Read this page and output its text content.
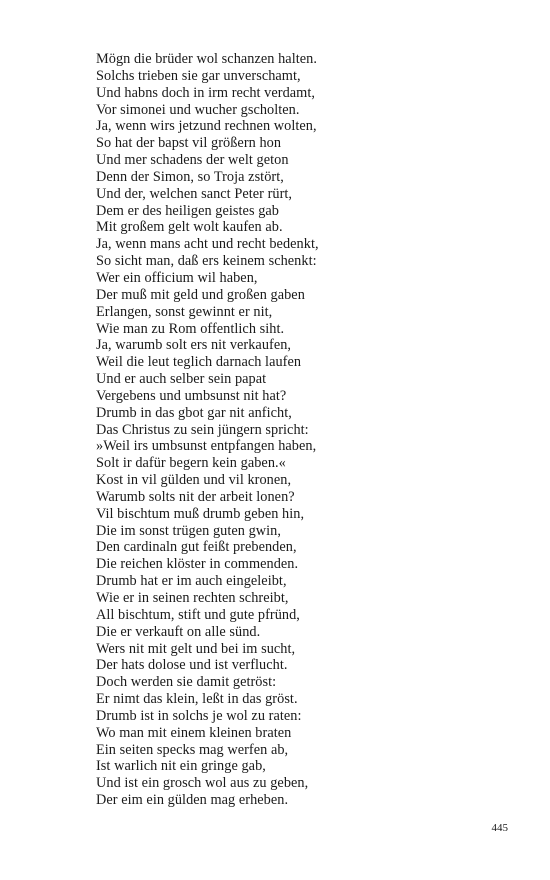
Mögn die brüder wol schanzen halten.
Solchs trieben sie gar unverschamt,
Und habns doch in irm recht verdamt,
Vor simonei und wucher gscholten.
Ja, wenn wirs jetzund rechnen wolten,
So hat der bapst vil größern hon
Und mer schadens der welt geton
Denn der Simon, so Troja zstört,
Und der, welchen sanct Peter rürt,
Dem er des heiligen geistes gab
Mit großem gelt wolt kaufen ab.
Ja, wenn mans acht und recht bedenkt,
So sicht man, daß ers keinem schenkt:
Wer ein officium wil haben,
Der muß mit geld und großen gaben
Erlangen, sonst gewinnt er nit,
Wie man zu Rom offentlich siht.
Ja, warumb solt ers nit verkaufen,
Weil die leut teglich darnach laufen
Und er auch selber sein papat
Vergebens und umbsunst nit hat?
Drumb in das gbot gar nit anficht,
Das Christus zu sein jüngern spricht:
»Weil irs umbsunst entpfangen haben,
Solt ir dafür begern kein gaben.«
Kost in vil gülden und vil kronen,
Warumb solts nit der arbeit lonen?
Vil bischtum muß drumb geben hin,
Die im sonst trügen guten gwin,
Den cardinaln gut feißt prebenden,
Die reichen klöster in commenden.
Drumb hat er im auch eingeleibt,
Wie er in seinen rechten schreibt,
All bischtum, stift und gute pfründ,
Die er verkauft on alle sünd.
Wers nit mit gelt und bei im sucht,
Der hats dolose und ist verflucht.
Doch werden sie damit getröst:
Er nimt das klein, leßt in das gröst.
Drumb ist in solchs je wol zu raten:
Wo man mit einem kleinen braten
Ein seiten specks mag werfen ab,
Ist warlich nit ein gringe gab,
Und ist ein grosch wol aus zu geben,
Der eim ein gülden mag erheben.
445
